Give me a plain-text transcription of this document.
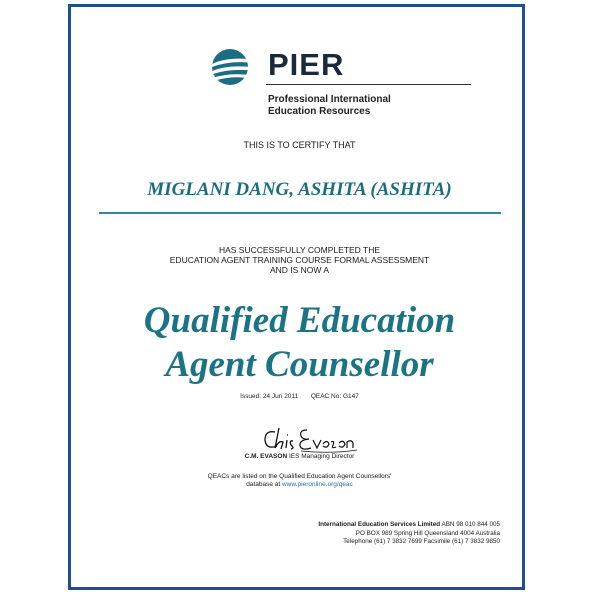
PIER
Professional International
Education Resources
THIS IS TO CERTIFY THAT
MIGLANI DANG, ASHITA (ASHITA)
HAS SUCCESSFULLY COMPLETED THE
EDUCATION AGENT TRAINING COURSE FORMAL ASSESSMENT
AND IS NOW A
Qualified Education
Agent Counsellor
Issued: 24 Jun 2011 QEAC No: G147
C.M. EVASON IES Managing Director
QEACs are listed on the Qualified Education Agent Counsellors'
database at www.pieronline.org/qeac
International Education Services Limited ABN 98 010 844 005
PO BOX 989 Spring Hill Queensland 4004 Australia
Telephone (61) 7 3832 7699 Facsimile (61) 7 3832 9850
